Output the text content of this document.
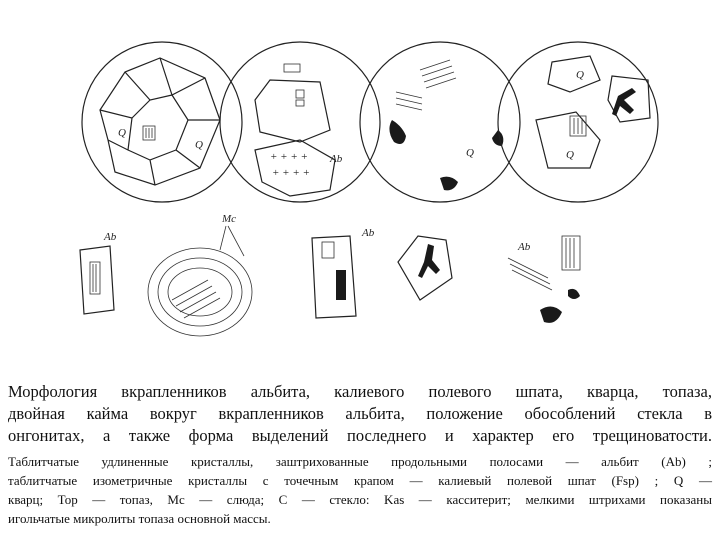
Q
Q
+ + + +
+ + + +
Ab	Q
Q
Q
Ab
Mc
Ab
Ab

Морфология вкрапленников альбита, калиевого полевого шпата, кварца, топаза,
двойная кайма вокруг вкрапленников альбита, положение обособлений стекла в
онгонитах, а также форма выделений последнего и характер его трещиноватости.

Таблитчатые удлиненные кристаллы, заштрихованные продольными полосами — альбит (Ab) ;
таблитчатые изометричные кристаллы с точечным крапом — калиевый полевой шпат (Fsp) ; Q —
кварц; Top — топаз, Mc — слюда; C — стекло: Kas — касситерит; мелкими штрихами показаны
игольчатые микролиты топаза основной массы.
